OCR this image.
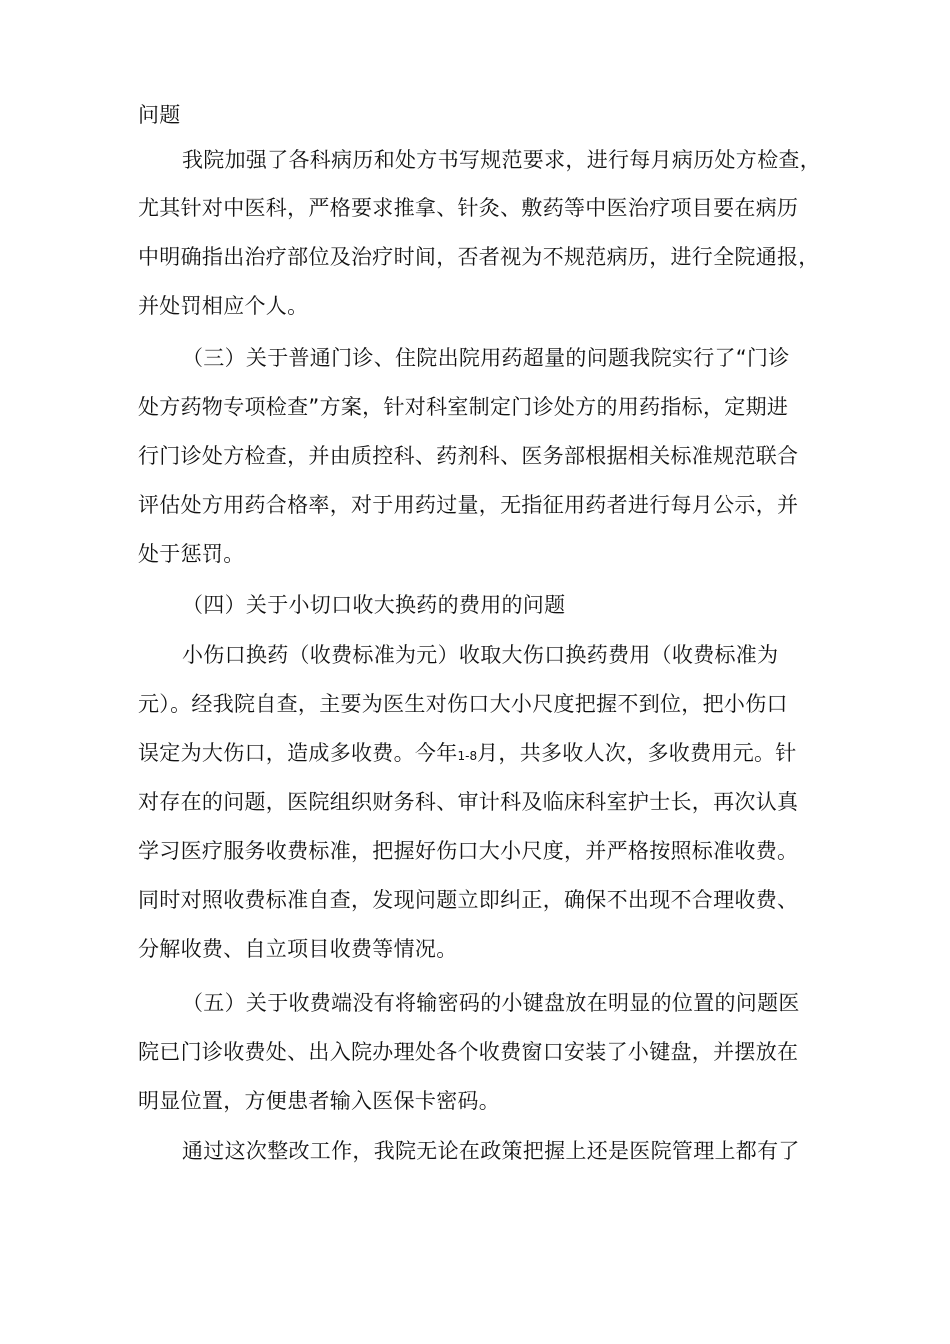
问题
我院加强了各科病历和处方书写规范要求，进行每月病历处方检查，
尤其针对中医科，严格要求推拿、针灸、敷药等中医治疗项目要在病历
中明确指出治疗部位及治疗时间，否者视为不规范病历，进行全院通报，
并处罚相应个人。
（三）关于普通门诊、住院出院用药超量的问题我院实行了“门诊
处方药物专项检查”方案，针对科室制定门诊处方的用药指标，定期进
行门诊处方检查，并由质控科、药剂科、医务部根据相关标准规范联合
评估处方用药合格率，对于用药过量，无指征用药者进行每月公示，并
处于惩罚。
（四）关于小切口收大换药的费用的问题
小伤口换药（收费标准为元）收取大伤口换药费用（收费标准为
元）。经我院自查，主要为医生对伤口大小尺度把握不到位，把小伤口
误定为大伤口，造成多收费。今年1-8月，共多收人次，多收费用元。针
对存在的问题，医院组织财务科、审计科及临床科室护士长，再次认真
学习医疗服务收费标准，把握好伤口大小尺度，并严格按照标准收费。
同时对照收费标准自查，发现问题立即纠正，确保不出现不合理收费、
分解收费、自立项目收费等情况。
（五）关于收费端没有将输密码的小键盘放在明显的位置的问题医
院已门诊收费处、出入院办理处各个收费窗口安装了小键盘，并摆放在
明显位置，方便患者输入医保卡密码。
通过这次整改工作，我院无论在政策把握上还是医院管理上都有了
